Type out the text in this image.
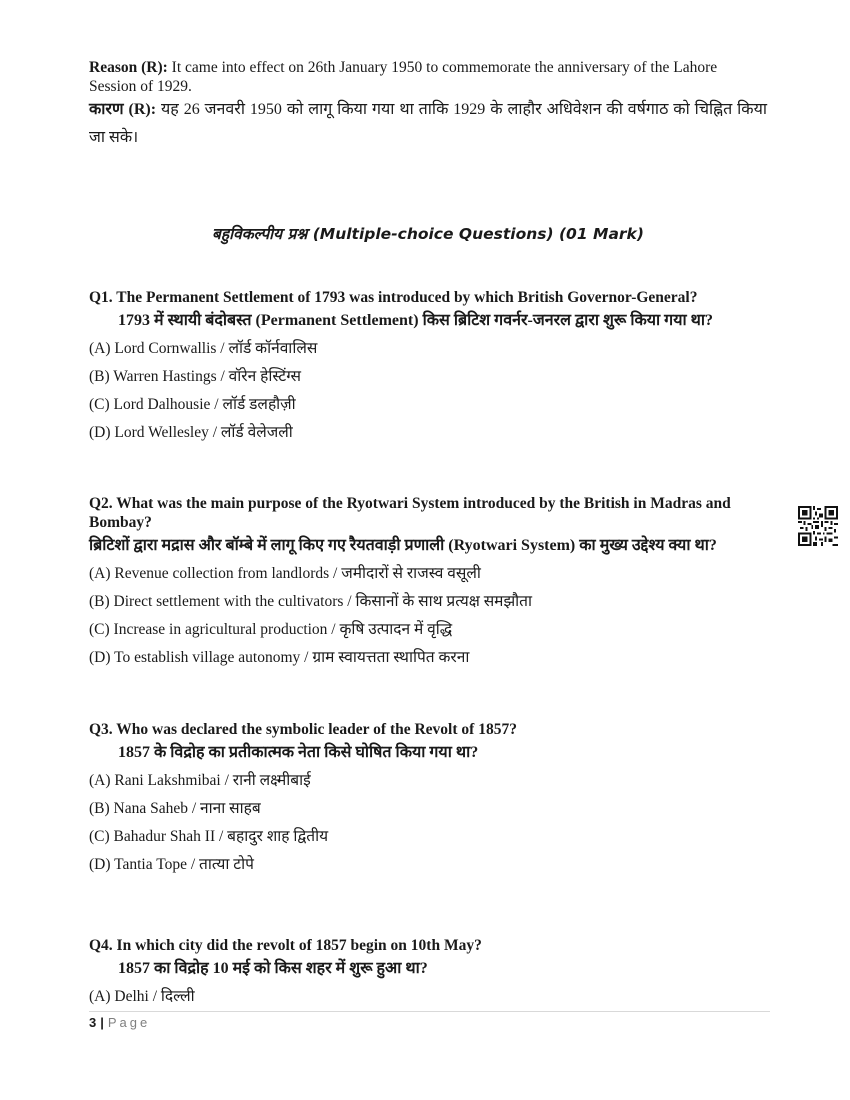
Reason (R): It came into effect on 26th January 1950 to commemorate the anniversary of the Lahore Session of 1929.

कारण (R): यह 26 जनवरी 1950 को लागू किया गया था ताकि 1929 के लाहौर अधिवेशन की वर्षगाठ को चिह्नित किया जा सके।

बहुविकल्पीय प्रश्न (Multiple-choice Questions) (01 Mark)

Q1. The Permanent Settlement of 1793 was introduced by which British Governor-General?

1793 में स्थायी बंदोबस्त (Permanent Settlement) किस ब्रिटिश गवर्नर-जनरल द्वारा शुरू किया गया था?

(A) Lord Cornwallis / लॉर्ड कॉर्नवालिस

(B) Warren Hastings / वॉरेन हेस्टिंग्स

(C) Lord Dalhousie / लॉर्ड डलहौज़ी

(D) Lord Wellesley / लॉर्ड वेलेजली

Q2. What was the main purpose of the Ryotwari System introduced by the British in Madras and Bombay?

ब्रिटिशों द्वारा मद्रास और बॉम्बे में लागू किए गए रैयतवाड़ी प्रणाली (Ryotwari System) का मुख्य उद्देश्य क्या था?

(A) Revenue collection from landlords / जमीदारों से राजस्व वसूली

(B) Direct settlement with the cultivators / किसानों के साथ प्रत्यक्ष समझौता

(C) Increase in agricultural production / कृषि उत्पादन में वृद्धि

(D) To establish village autonomy / ग्राम स्वायत्तता स्थापित करना

Q3. Who was declared the symbolic leader of the Revolt of 1857?

1857 के विद्रोह का प्रतीकात्मक नेता किसे घोषित किया गया था?

(A) Rani Lakshmibai / रानी लक्ष्मीबाई

(B) Nana Saheb / नाना साहब

(C) Bahadur Shah II / बहादुर शाह द्वितीय

(D) Tantia Tope / तात्या टोपे

Q4. In which city did the revolt of 1857 begin on 10th May?

1857 का विद्रोह 10 मई को किस शहर में शुरू हुआ था?

(A) Delhi / दिल्ली

3 | Page
